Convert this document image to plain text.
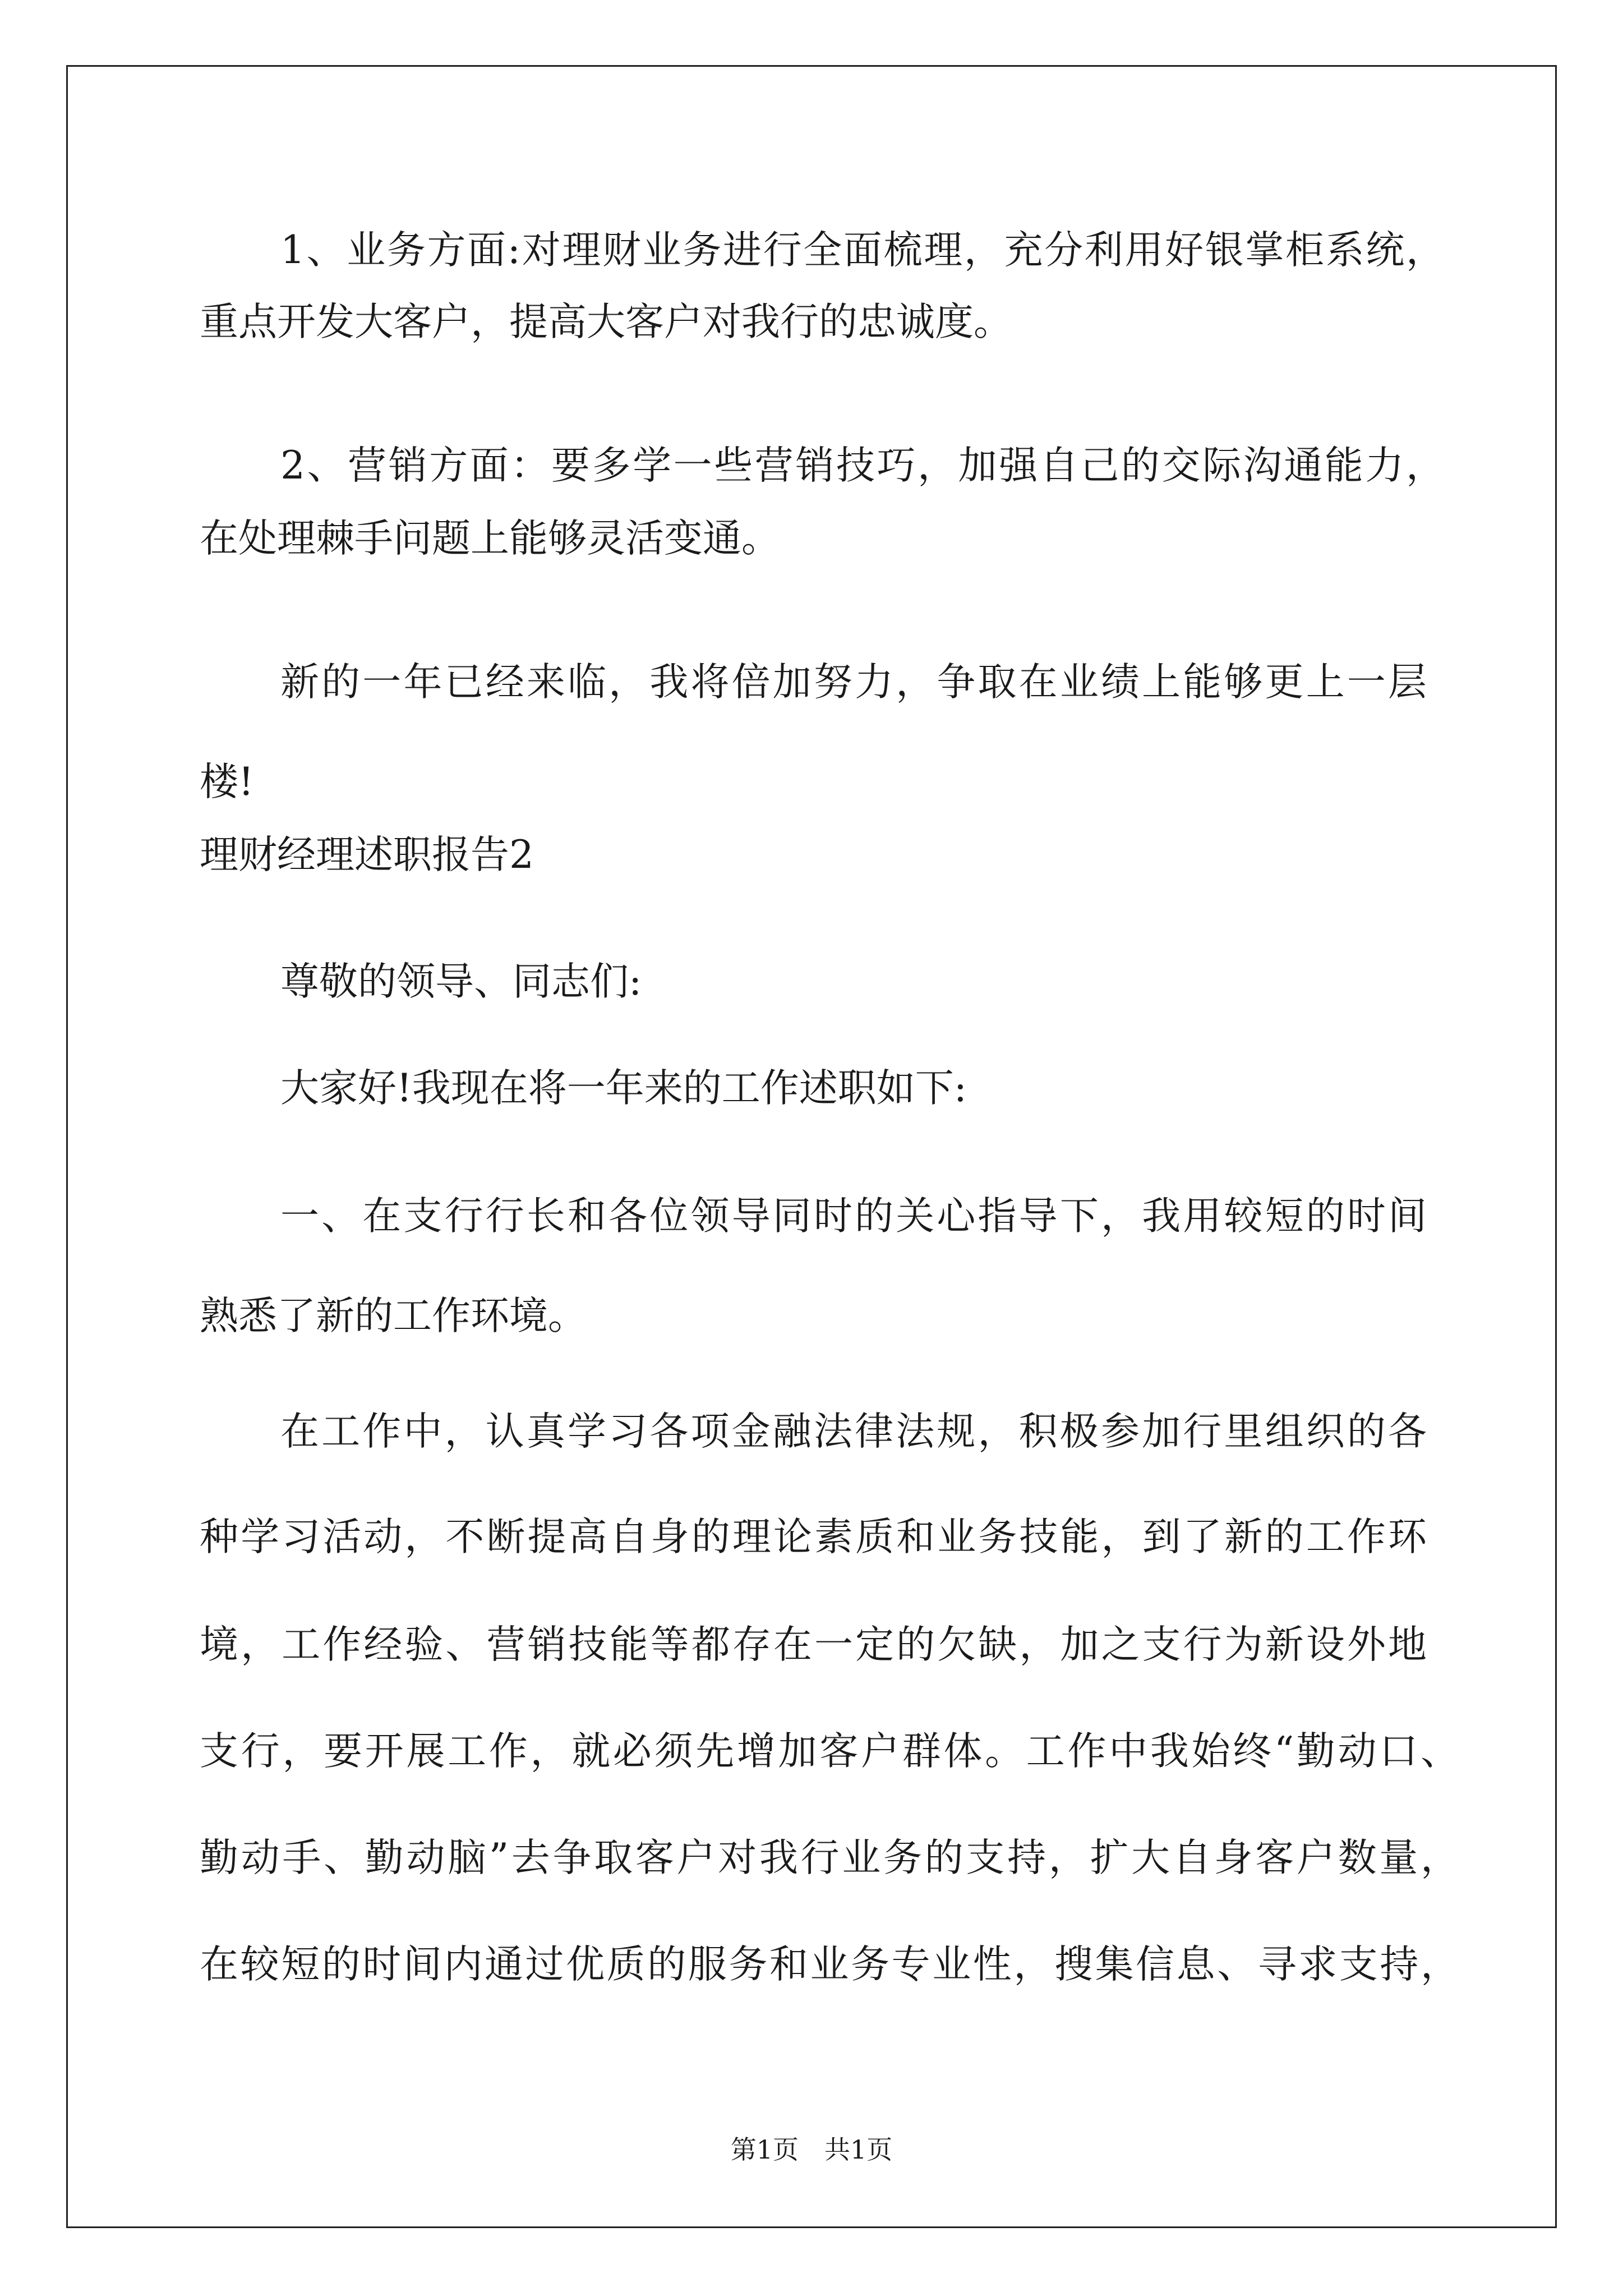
1、业务方面:对理财业务进行全面梳理，充分利用好银掌柜系统，
重点开发大客户，提高大客户对我行的忠诚度。
2、营销方面：要多学一些营销技巧，加强自己的交际沟通能力，
在处理棘手问题上能够灵活变通。
新的一年已经来临，我将倍加努力，争取在业绩上能够更上一层
楼!
理财经理述职报告2
尊敬的领导、同志们:
大家好!我现在将一年来的工作述职如下:
一、在支行行长和各位领导同时的关心指导下，我用较短的时间
熟悉了新的工作环境。
在工作中，认真学习各项金融法律法规，积极参加行里组织的各
种学习活动，不断提高自身的理论素质和业务技能，到了新的工作环
境，工作经验、营销技能等都存在一定的欠缺，加之支行为新设外地
支行，要开展工作，就必须先增加客户群体。工作中我始终“勤动口、
勤动手、勤动脑”去争取客户对我行业务的支持，扩大自身客户数量，
在较短的时间内通过优质的服务和业务专业性，搜集信息、寻求支持，
第1页 共1页
